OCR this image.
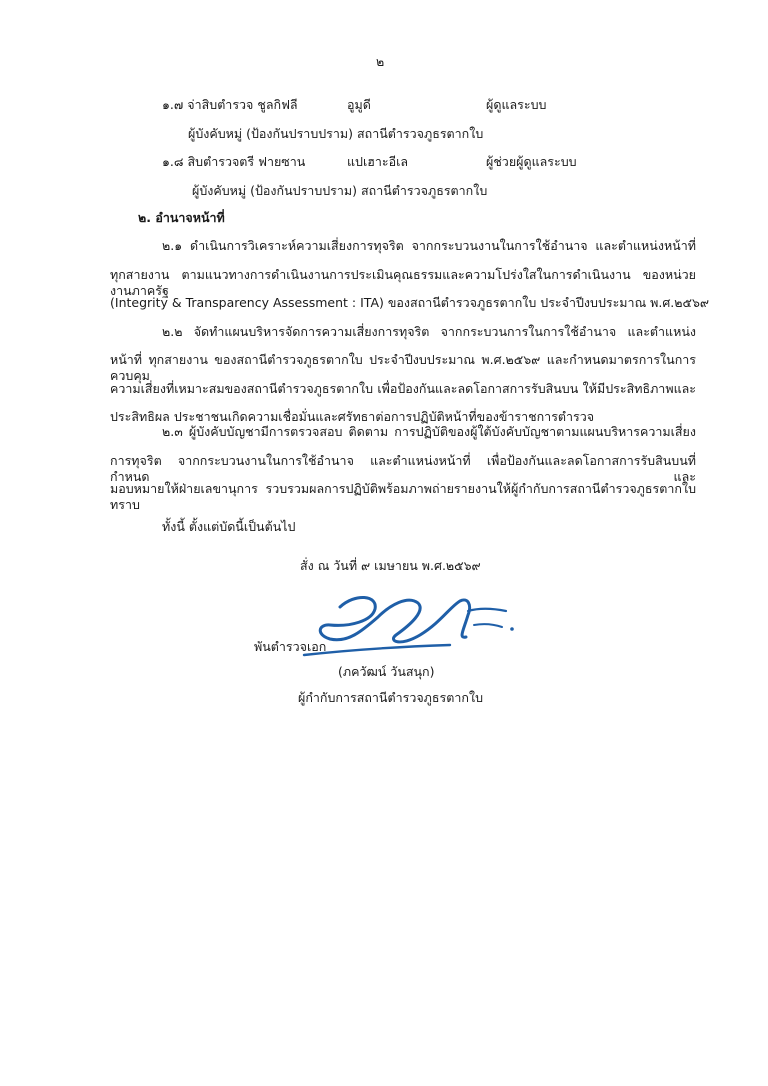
๒
๑.๗ จ่าสิบตำรวจ ชูลกิฟลี	อูมูดี	ผู้ดูแลระบบ
ผู้บังคับหมู่ (ป้องกันปราบปราม) สถานีตำรวจภูธรตากใบ
๑.๘ สิบตำรวจตรี ฟายซาน	แปเฮาะอีเล	ผู้ช่วยผู้ดูแลระบบ
ผู้บังคับหมู่ (ป้องกันปราบปราม) สถานีตำรวจภูธรตากใบ
๒. อำนาจหน้าที่
๒.๑ ดำเนินการวิเคราะห์ความเสี่ยงการทุจริต จากกระบวนงานในการใช้อำนาจ และตำแหน่งหน้าที่
ทุกสายงาน ตามแนวทางการดำเนินงานการประเมินคุณธรรมและความโปร่งใสในการดำเนินงาน ของหน่วยงานภาครัฐ
(Integrity & Transparency Assessment : ITA) ของสถานีตำรวจภูธรตากใบ ประจำปีงบประมาณ พ.ศ.๒๕๖๙
๒.๒ จัดทำแผนบริหารจัดการความเสี่ยงการทุจริต จากกระบวนการในการใช้อำนาจ และตำแหน่ง
หน้าที่ ทุกสายงาน ของสถานีตำรวจภูธรตากใบ ประจำปีงบประมาณ พ.ศ.๒๕๖๙ และกำหนดมาตรการในการควบคุม
ความเสี่ยงที่เหมาะสมของสถานีตำรวจภูธรตากใบ เพื่อป้องกันและลดโอกาสการรับสินบน ให้มีประสิทธิภาพและ
ประสิทธิผล ประชาชนเกิดความเชื่อมั่นและศรัทธาต่อการปฏิบัติหน้าที่ของข้าราชการตำรวจ
๒.๓ ผู้บังคับบัญชามีการตรวจสอบ ติดตาม การปฏิบัติของผู้ใต้บังคับบัญชาตามแผนบริหารความเสี่ยง
การทุจริต จากกระบวนงานในการใช้อำนาจ และตำแหน่งหน้าที่ เพื่อป้องกันและลดโอกาสการรับสินบนที่กำหนด และ
มอบหมายให้ฝ่ายเลขานุการ รวบรวมผลการปฏิบัติพร้อมภาพถ่ายรายงานให้ผู้กำกับการสถานีตำรวจภูธรตากใบ ทราบ
ทั้งนี้ ตั้งแต่บัดนี้เป็นต้นไป
สั่ง ณ วันที่ ๙ เมษายน พ.ศ.๒๕๖๙
พันตำรวจเอก
(ภควัฒน์ วันสนุก)
ผู้กำกับการสถานีตำรวจภูธรตากใบ
